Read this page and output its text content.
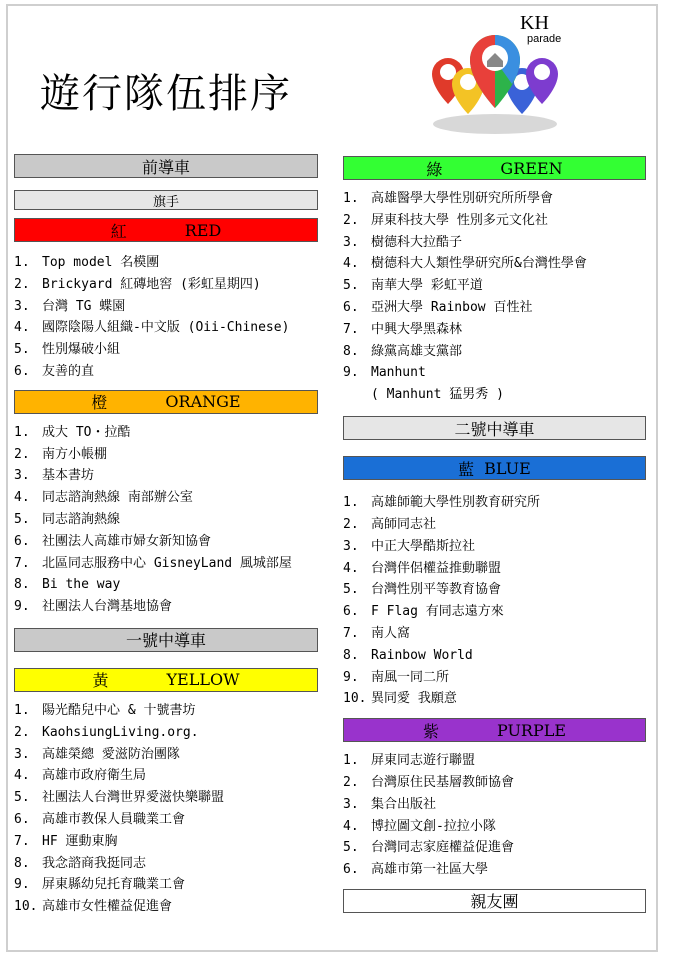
遊行隊伍排序
KH
parade
前導車
旗手
紅	RED
1. Top model 名模團
2. Brickyard 紅磚地窖 (彩虹星期四)
3. 台灣 TG 蝶園
4. 國際陰陽人組織-中文版 (Oii-Chinese)
5. 性別爆破小組
6. 友善的直
橙	ORANGE
1. 成大 TO・拉酷
2. 南方小帳棚
3. 基本書坊
4. 同志諮詢熱線 南部辦公室
5. 同志諮詢熱線
6. 社團法人高雄市婦女新知協會
7. 北區同志服務中心 GisneyLand 風城部屋
8. Bi the way
9. 社團法人台灣基地協會
一號中導車
黃	YELLOW
1. 陽光酷兒中心 & 十號書坊
2. KaohsiungLiving.org.
3. 高雄榮總 愛滋防治團隊
4. 高雄市政府衛生局
5. 社團法人台灣世界愛滋快樂聯盟
6. 高雄市教保人員職業工會
7. HF 運動東胸
8. 我念諮商我挺同志
9. 屏東縣幼兒托育職業工會
10. 高雄市女性權益促進會
綠	GREEN
1. 高雄醫學大學性別研究所所學會
2. 屏東科技大學 性別多元文化社
3. 樹德科大拉酷子
4. 樹德科大人類性學研究所&台灣性學會
5. 南華大學 彩虹平道
6. 亞洲大學 Rainbow 百性社
7. 中興大學黑森林
8. 綠黨高雄支黨部
9. Manhunt
( Manhunt 猛男秀 )
二號中導車
藍 BLUE
1. 高雄師範大學性別教育研究所
2. 高師同志社
3. 中正大學酷斯拉社
4. 台灣伴侶權益推動聯盟
5. 台灣性別平等教育協會
6. F Flag 有同志遠方來
7. 南人窩
8. Rainbow World
9. 南風一同二所
10. 異同愛 我願意
紫	PURPLE
1. 屏東同志遊行聯盟
2. 台灣原住民基層教師協會
3. 集合出版社
4. 博拉圖文創-拉拉小隊
5. 台灣同志家庭權益促進會
6. 高雄市第一社區大學
親友團
